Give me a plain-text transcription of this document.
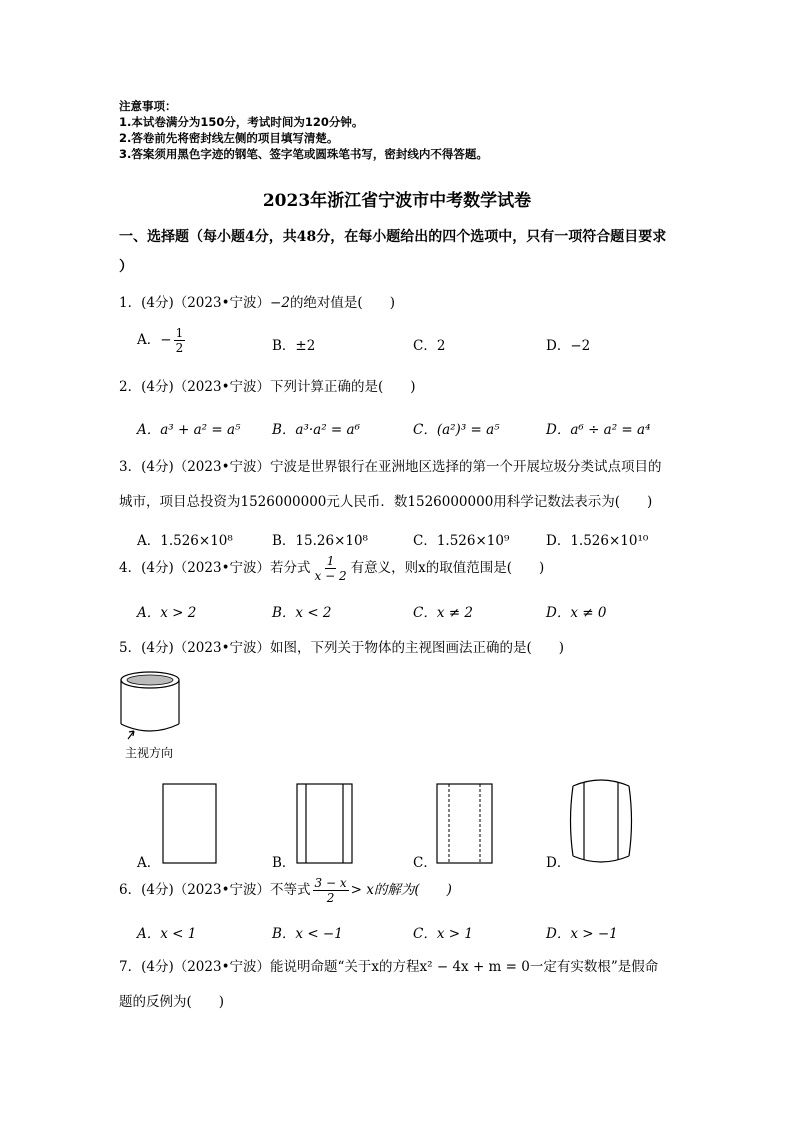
注意事项：
1.本试卷满分为150分，考试时间为120分钟。
2.答卷前先将密封线左侧的项目填写清楚。
3.答案须用黑色字迹的钢笔、签字笔或圆珠笔书写，密封线内不得答题。
2023年浙江省宁波市中考数学试卷
一、选择题（每小题4分，共48分，在每小题给出的四个选项中，只有一项符合题目要求
）
1．(4分)（2023•宁波）−2的绝对值是(　　)
A．− $\frac{1}{2}$	B．±2	C．2	D．−2
2．(4分)（2023•宁波）下列计算正确的是(　　)
A．a³ + a² = a⁵ B．a³·a² = a⁶	C．(a²)³ = a⁵	D．a⁶ ÷ a² = a⁴
3．(4分)（2023•宁波）宁波是世界银行在亚洲地区选择的第一个开展垃圾分类试点项目的
城市，项目总投资为1526000000元人民币．数1526000000用科学记数法表示为(　　)
A．1.526×10⁸	B．15.26×10⁸	C．1.526×10⁹	D．1.526×10¹⁰
4．(4分)（2023•宁波）若分式 $\frac{1}{x - 2}$ 有意义，则x的取值范围是(　　)
A．x > 2	B．x < 2	C．x ≠ 2	D．x ≠ 0
5．(4分)（2023•宁波）如图，下列关于物体的主视图画法正确的是(　　)
主视方向
A．	B．	C．	D．
6．(4分)（2023•宁波）不等式 $\frac{3 - x}{2} > x$的解为(　　)
A．x < 1	B．x < −1	C．x > 1	D．x > −1
7．(4分)（2023•宁波）能说明命题“关于x的方程x² − 4x + m = 0一定有实数根”是假命
题的反例为(　　)
